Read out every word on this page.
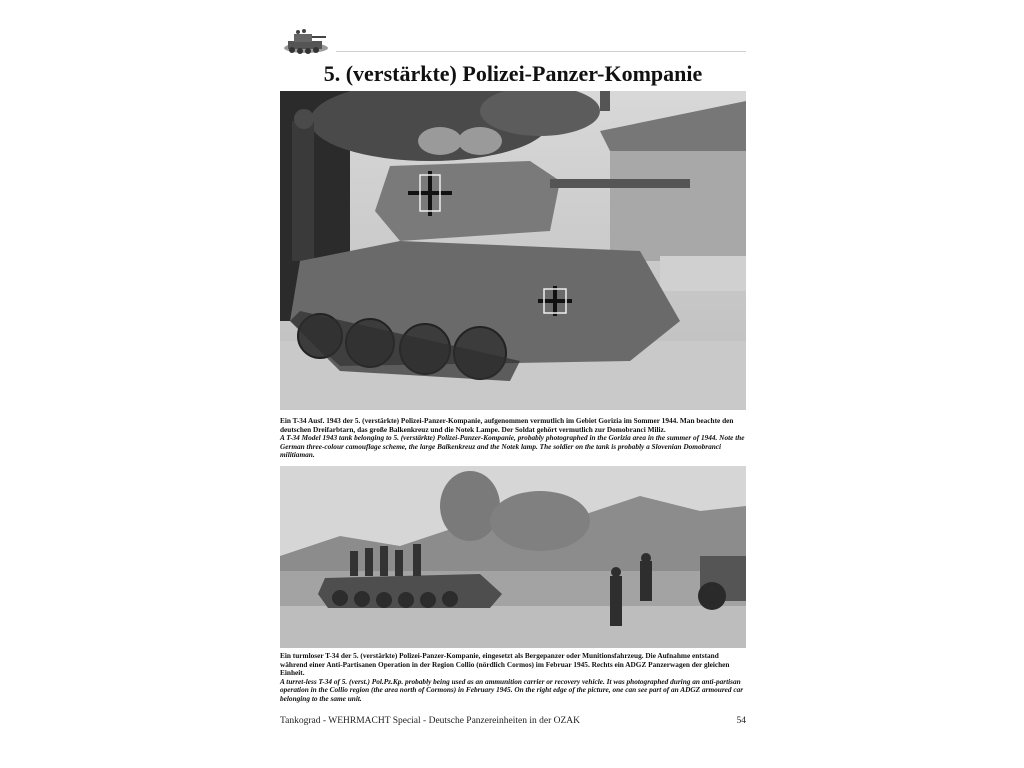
5. (verstärkte) Polizei-Panzer-Kompanie

Ein T-34 Ausf. 1943 der 5. (verstärkte) Polizei-Panzer-Kompanie, aufgenommen vermutlich im Gebiet Gorizia im Sommer 1944. Man beachte den deutschen Dreifarbtarn, das große Balkenkreuz und die Notek Lampe. Der Soldat gehört vermutlich zur Domobranci Miliz.

A T-34 Model 1943 tank belonging to 5. (verstärkte) Polizei-Panzer-Kompanie, probably photographed in the Gorizia area in the summer of 1944. Note the German three-colour camouflage scheme, the large Balkenkreuz and the Notek lamp. The soldier on the tank is probably a Slovenian Domobranci militiaman.

Ein turmloser T-34 der 5. (verstärkte) Polizei-Panzer-Kompanie, eingesetzt als Bergepanzer oder Munitionsfahrzeug. Die Aufnahme entstand während einer Anti-Partisanen Operation in der Region Collio (nördlich Cormos) im Februar 1945. Rechts ein ADGZ Panzerwagen der gleichen Einheit.

A turret-less T-34 of 5. (verst.) Pol.Pz.Kp. probably being used as an ammunition carrier or recovery vehicle. It was photographed during an anti-partisan operation in the Collio region (the area north of Cormons) in February 1945. On the right edge of the picture, one can see part of an ADGZ armoured car belonging to the same unit.

Tankograd - WEHRMACHT Special - Deutsche Panzereinheiten in der OZAK	54
